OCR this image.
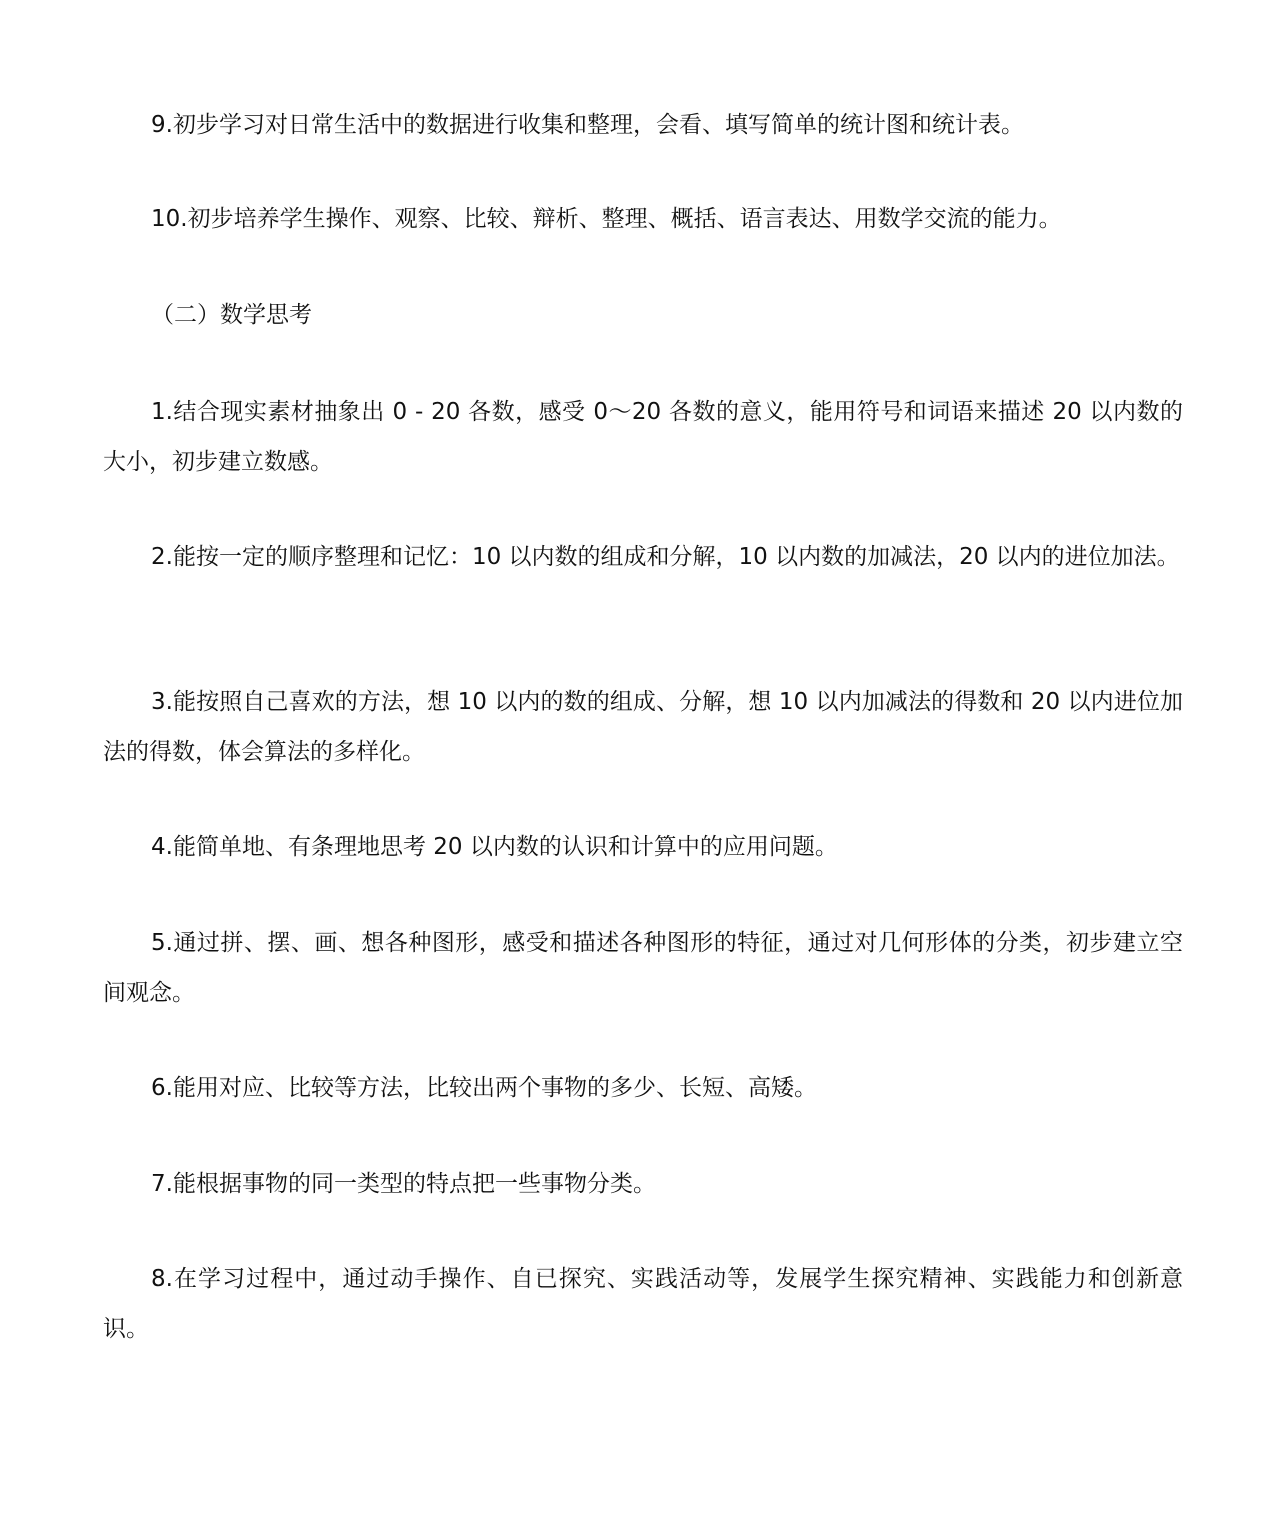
9.初步学习对日常生活中的数据进行收集和整理，会看、填写简单的统计图和统计表。

10.初步培养学生操作、观察、比较、辩析、整理、概括、语言表达、用数学交流的能力。

（二）数学思考

1.结合现实素材抽象出 0 - 20 各数，感受 0～20 各数的意义，能用符号和词语来描述 20 以内数的大小，初步建立数感。

2.能按一定的顺序整理和记忆：10 以内数的组成和分解，10 以内数的加减法，20 以内的进位加法。

3.能按照自己喜欢的方法，想 10 以内的数的组成、分解，想 10 以内加减法的得数和 20 以内进位加法的得数，体会算法的多样化。

4.能简单地、有条理地思考 20 以内数的认识和计算中的应用问题。

5.通过拼、摆、画、想各种图形，感受和描述各种图形的特征，通过对几何形体的分类，初步建立空间观念。

6.能用对应、比较等方法，比较出两个事物的多少、长短、高矮。

7.能根据事物的同一类型的特点把一些事物分类。

8.在学习过程中，通过动手操作、自已探究、实践活动等，发展学生探究精神、实践能力和创新意识。
